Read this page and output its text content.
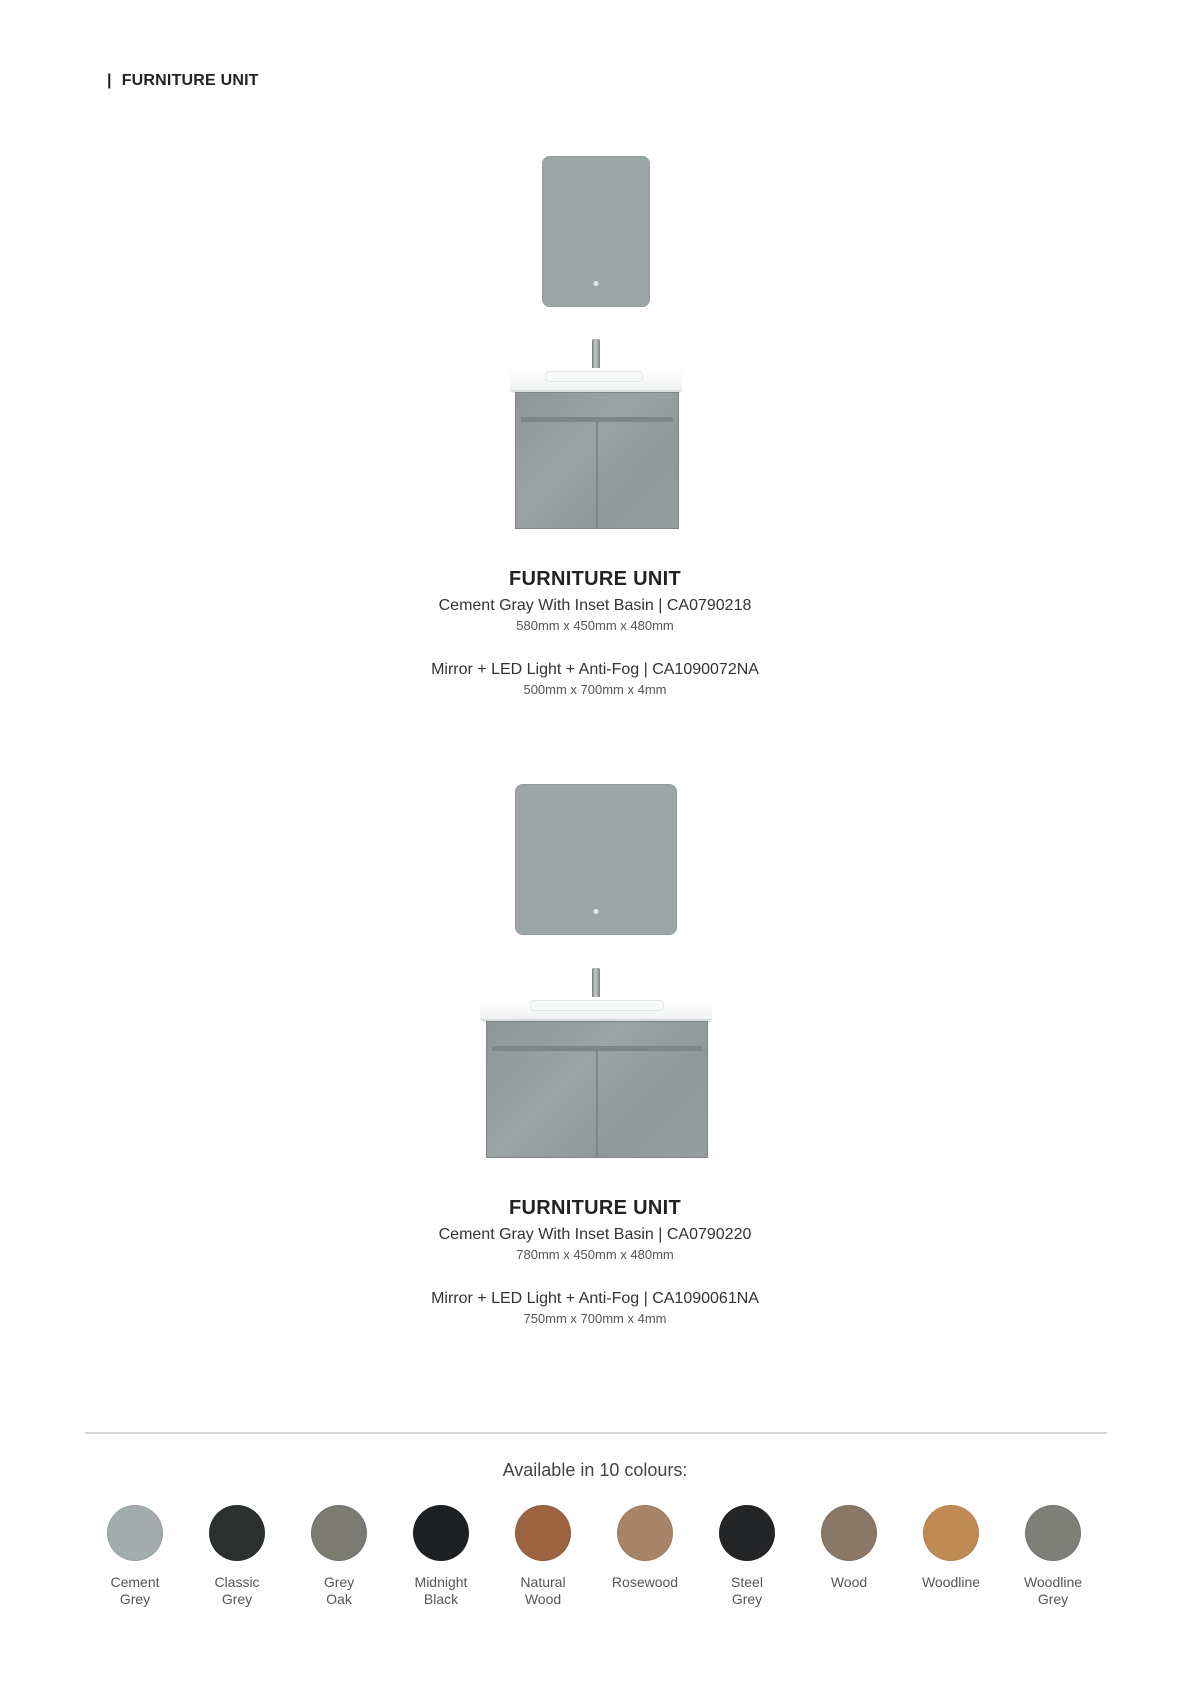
| FURNITURE UNIT
FURNITURE UNIT
Cement Gray With Inset Basin | CA0790218
580mm x 450mm x 480mm
Mirror + LED Light + Anti-Fog | CA1090072NA
500mm x 700mm x 4mm
FURNITURE UNIT
Cement Gray With Inset Basin | CA0790220
780mm x 450mm x 480mm
Mirror + LED Light + Anti-Fog | CA1090061NA
750mm x 700mm x 4mm
Available in 10 colours:
Cement
Grey
Classic
Grey
Grey
Oak
Midnight
Black
Natural
Wood
Rosewood	Steel
Grey
Wood	Woodline	Woodline
Grey
